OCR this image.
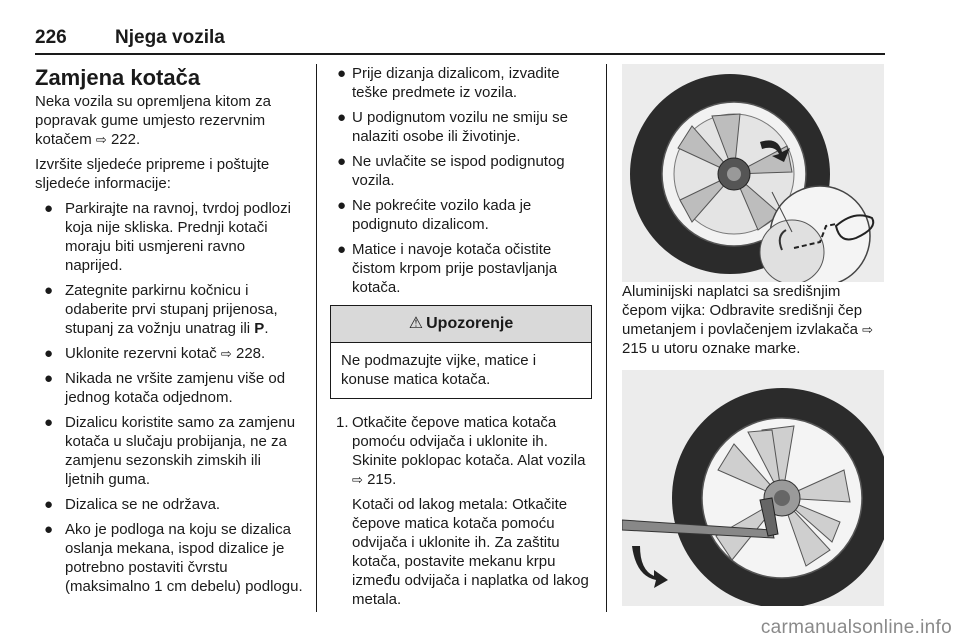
226	Njega vozila

Zamjena kotača

Neka vozila su opremljena kitom za popravak gume umjesto rezervnim kotačem ⇨ 222.

Izvršite sljedeće pripreme i poštujte sljedeće informacije:

● Parkirajte na ravnoj, tvrdoj podlozi koja nije skliska. Prednji kotači moraju biti usmjereni ravno naprijed.
● Zategnite parkirnu kočnicu i odaberite prvi stupanj prijenosa, stupanj za vožnju unatrag ili P.
● Uklonite rezervni kotač ⇨ 228.
● Nikada ne vršite zamjenu više od jednog kotača odjednom.
● Dizalicu koristite samo za zamjenu kotača u slučaju probijanja, ne za zamjenu sezonskih zimskih ili ljetnih guma.
● Dizalica se ne održava.
● Ako je podloga na koju se dizalica oslanja mekana, ispod dizalice je potrebno postaviti čvrstu (maksimalno 1 cm debelu) podlogu.
● Prije dizanja dizalicom, izvadite teške predmete iz vozila.
● U podignutom vozilu ne smiju se nalaziti osobe ili životinje.
● Ne uvlačite se ispod podignutog vozila.
● Ne pokrećite vozilo kada je podignuto dizalicom.
● Matice i navoje kotača očistite čistom krpom prije postavljanja kotača.
⚠ Upozorenje
Ne podmazujte vijke, matice i konuse matica kotača.
1. Otkačite čepove matica kotača pomoću odvijača i uklonite ih. Skinite poklopac kotača. Alat vozila ⇨ 215.

Kotači od lakog metala: Otkačite čepove matica kotača pomoću odvijača i uklonite ih. Za zaštitu kotača, postavite mekanu krpu između odvijača i naplatka od lakog metala.

Aluminijski naplatci sa središnjim čepom vijka: Odbravite središnji čep umetanjem i povlačenjem izvlakača ⇨ 215 u utoru oznake marke.

carmanualsonline.info
